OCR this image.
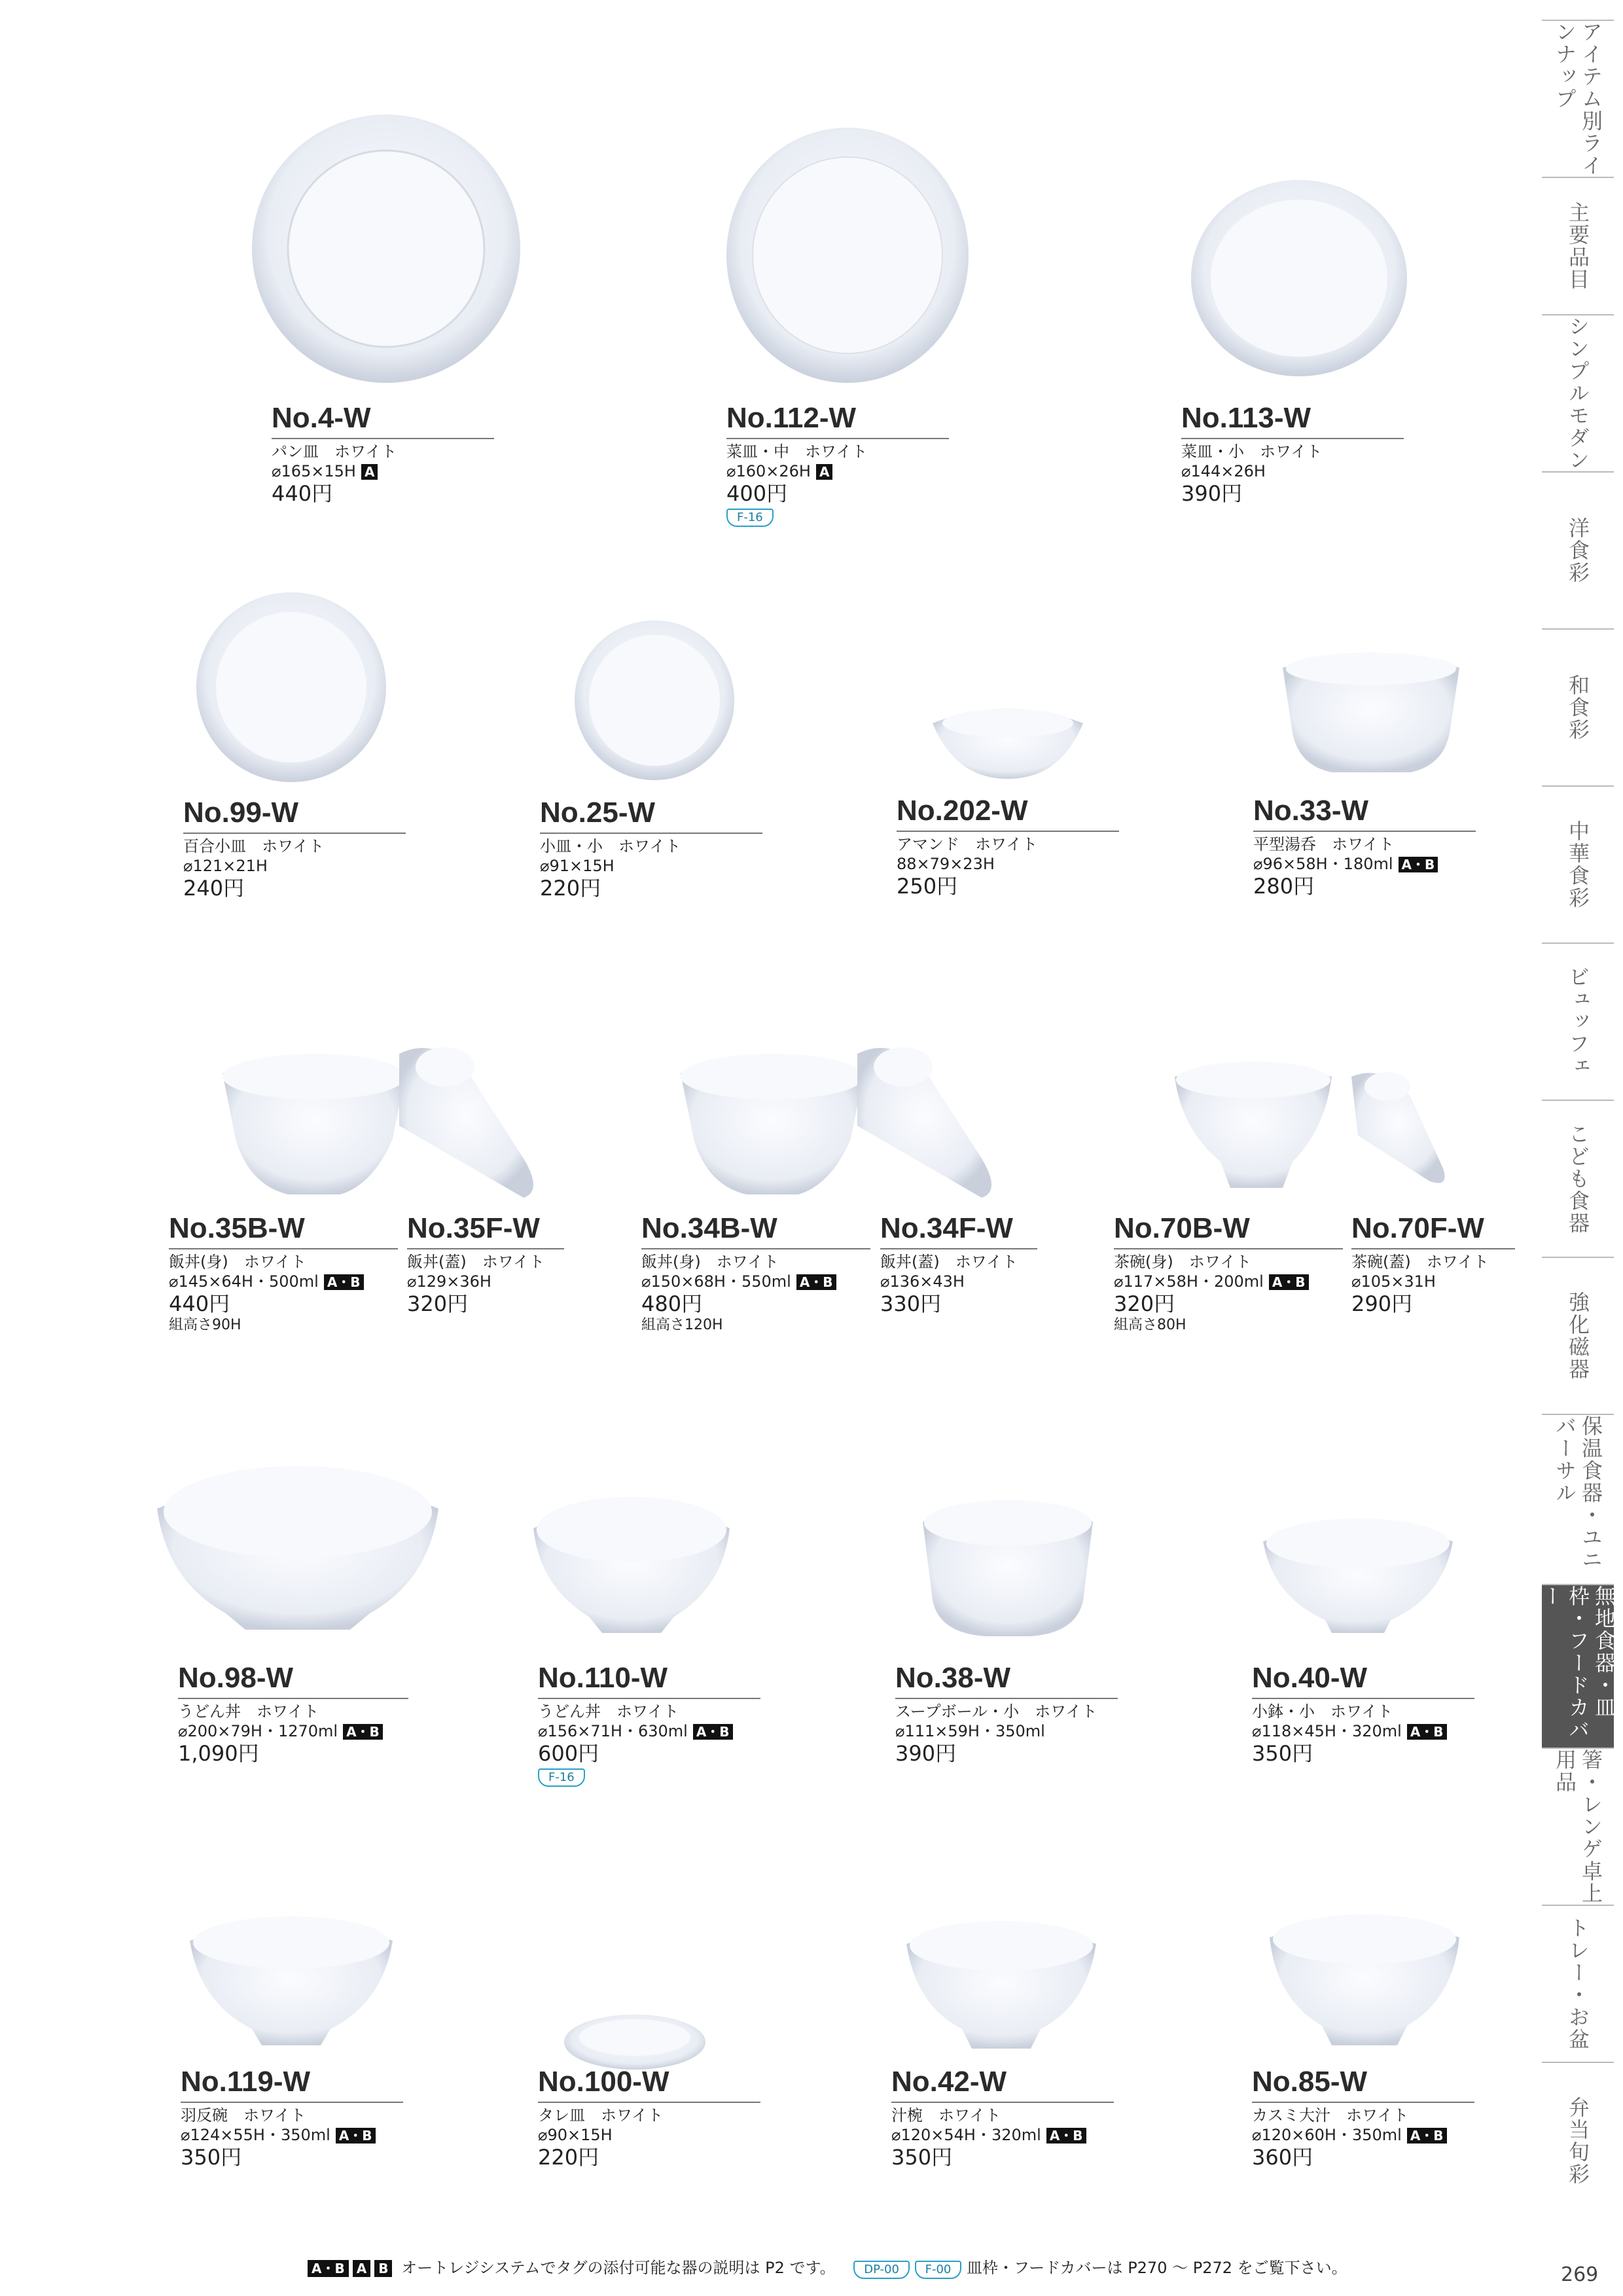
No.4-W
パン皿　ホワイト
⌀165×15H A
440円
No.112-W
菜皿・中　ホワイト
⌀160×26H A
400円
F-16
No.113-W
菜皿・小　ホワイト
⌀144×26H
390円
No.99-W
百合小皿　ホワイト
⌀121×21H
240円
No.25-W
小皿・小　ホワイト
⌀91×15H
220円
No.202-W
アマンド　ホワイト
88×79×23H
250円
No.33-W
平型湯呑　ホワイト
⌀96×58H・180ml A・B
280円
No.35B-W
飯丼(身)　ホワイト
⌀145×64H・500ml A・B
440円
組高さ90H
No.35F-W
飯丼(蓋)　ホワイト
⌀129×36H
320円
No.34B-W
飯丼(身)　ホワイト
⌀150×68H・550ml A・B
480円
組高さ120H
No.34F-W
飯丼(蓋)　ホワイト
⌀136×43H
330円
No.70B-W
茶碗(身)　ホワイト
⌀117×58H・200ml A・B
320円
組高さ80H
No.70F-W
茶碗(蓋)　ホワイト
⌀105×31H
290円
No.98-W
うどん丼　ホワイト
⌀200×79H・1270ml A・B
1,090円
No.110-W
うどん丼　ホワイト
⌀156×71H・630ml A・B
600円
F-16
No.38-W
スープボール・小　ホワイト
⌀111×59H・350ml
390円
No.40-W
小鉢・小　ホワイト
⌀118×45H・320ml A・B
350円
No.119-W
羽反碗　ホワイト
⌀124×55H・350ml A・B
350円
No.100-W
タレ皿　ホワイト
⌀90×15H
220円
No.42-W
汁椀　ホワイト
⌀120×54H・320ml A・B
350円
No.85-W
カスミ大汁　ホワイト
⌀120×60H・350ml A・B
360円
アイテム別ラインナップ
主要品目
シンプルモダン
洋食彩
和食彩
中華食彩
ビュッフェ
こども食器
強化磁器
保温食器・ユニバーサル
無地食器・皿枠・フードカバー
箸・レンゲ卓上用品
トレー・お盆
弁当旬彩
A・B A B オートレジシステムでタグの添付可能な器の説明は P2 です。 DP-00 F-00 皿枠・フードカバーは P270 〜 P272 をご覧下さい。	269
